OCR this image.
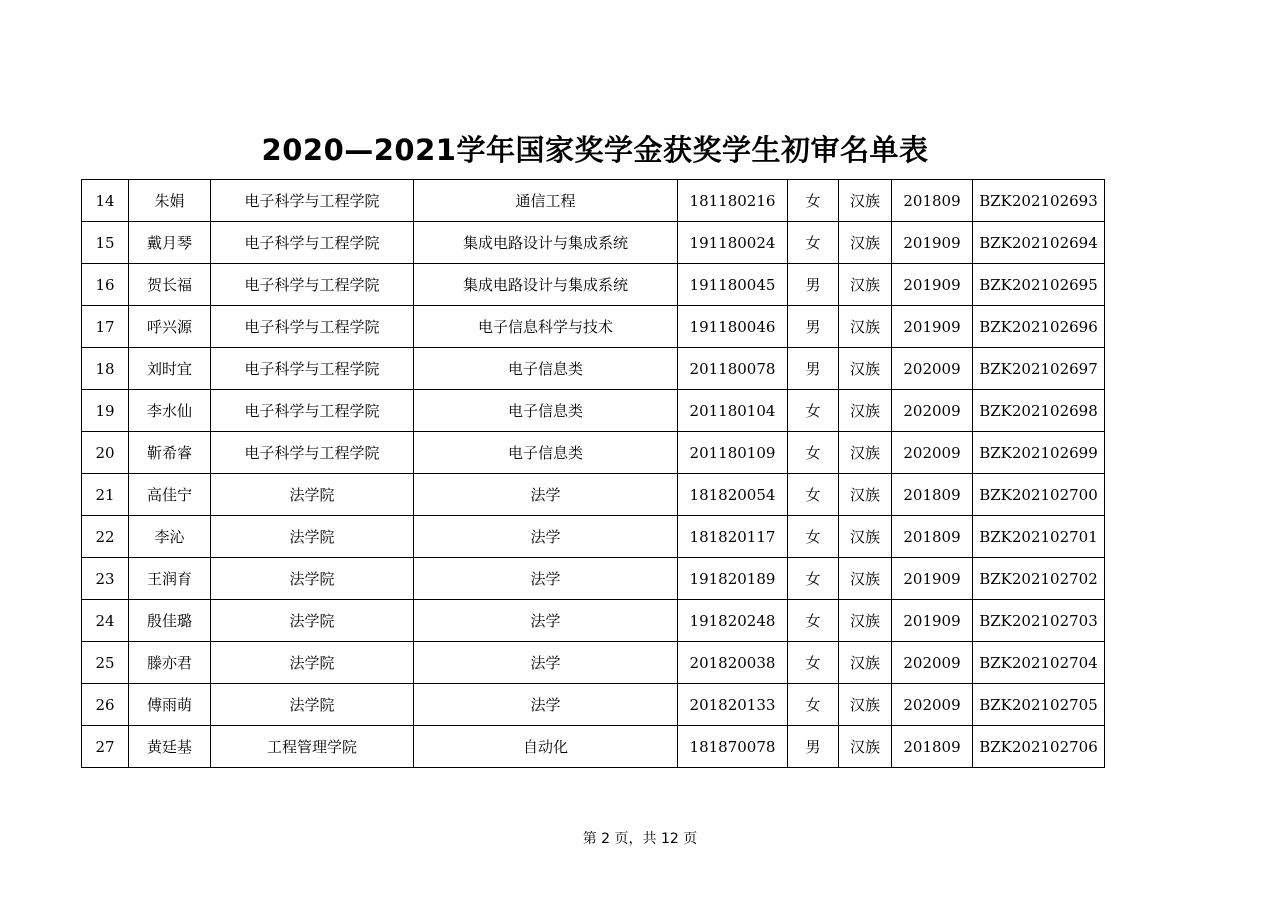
2020—2021学年国家奖学金获奖学生初审名单表
14	朱娟	电子科学与工程学院	通信工程	181180216	女	汉族	201809	BZK202102693
15	戴月琴	电子科学与工程学院	集成电路设计与集成系统	191180024	女	汉族	201909	BZK202102694
16	贺长福	电子科学与工程学院	集成电路设计与集成系统	191180045	男	汉族	201909	BZK202102695
17	呼兴源	电子科学与工程学院	电子信息科学与技术	191180046	男	汉族	201909	BZK202102696
18	刘时宜	电子科学与工程学院	电子信息类	201180078	男	汉族	202009	BZK202102697
19	李水仙	电子科学与工程学院	电子信息类	201180104	女	汉族	202009	BZK202102698
20	靳希睿	电子科学与工程学院	电子信息类	201180109	女	汉族	202009	BZK202102699
21	高佳宁	法学院	法学	181820054	女	汉族	201809	BZK202102700
22	李沁	法学院	法学	181820117	女	汉族	201809	BZK202102701
23	王润育	法学院	法学	191820189	女	汉族	201909	BZK202102702
24	殷佳璐	法学院	法学	191820248	女	汉族	201909	BZK202102703
25	滕亦君	法学院	法学	201820038	女	汉族	202009	BZK202102704
26	傅雨萌	法学院	法学	201820133	女	汉族	202009	BZK202102705
27	黄廷基	工程管理学院	自动化	181870078	男	汉族	201809	BZK202102706
第 2 页，共 12 页
